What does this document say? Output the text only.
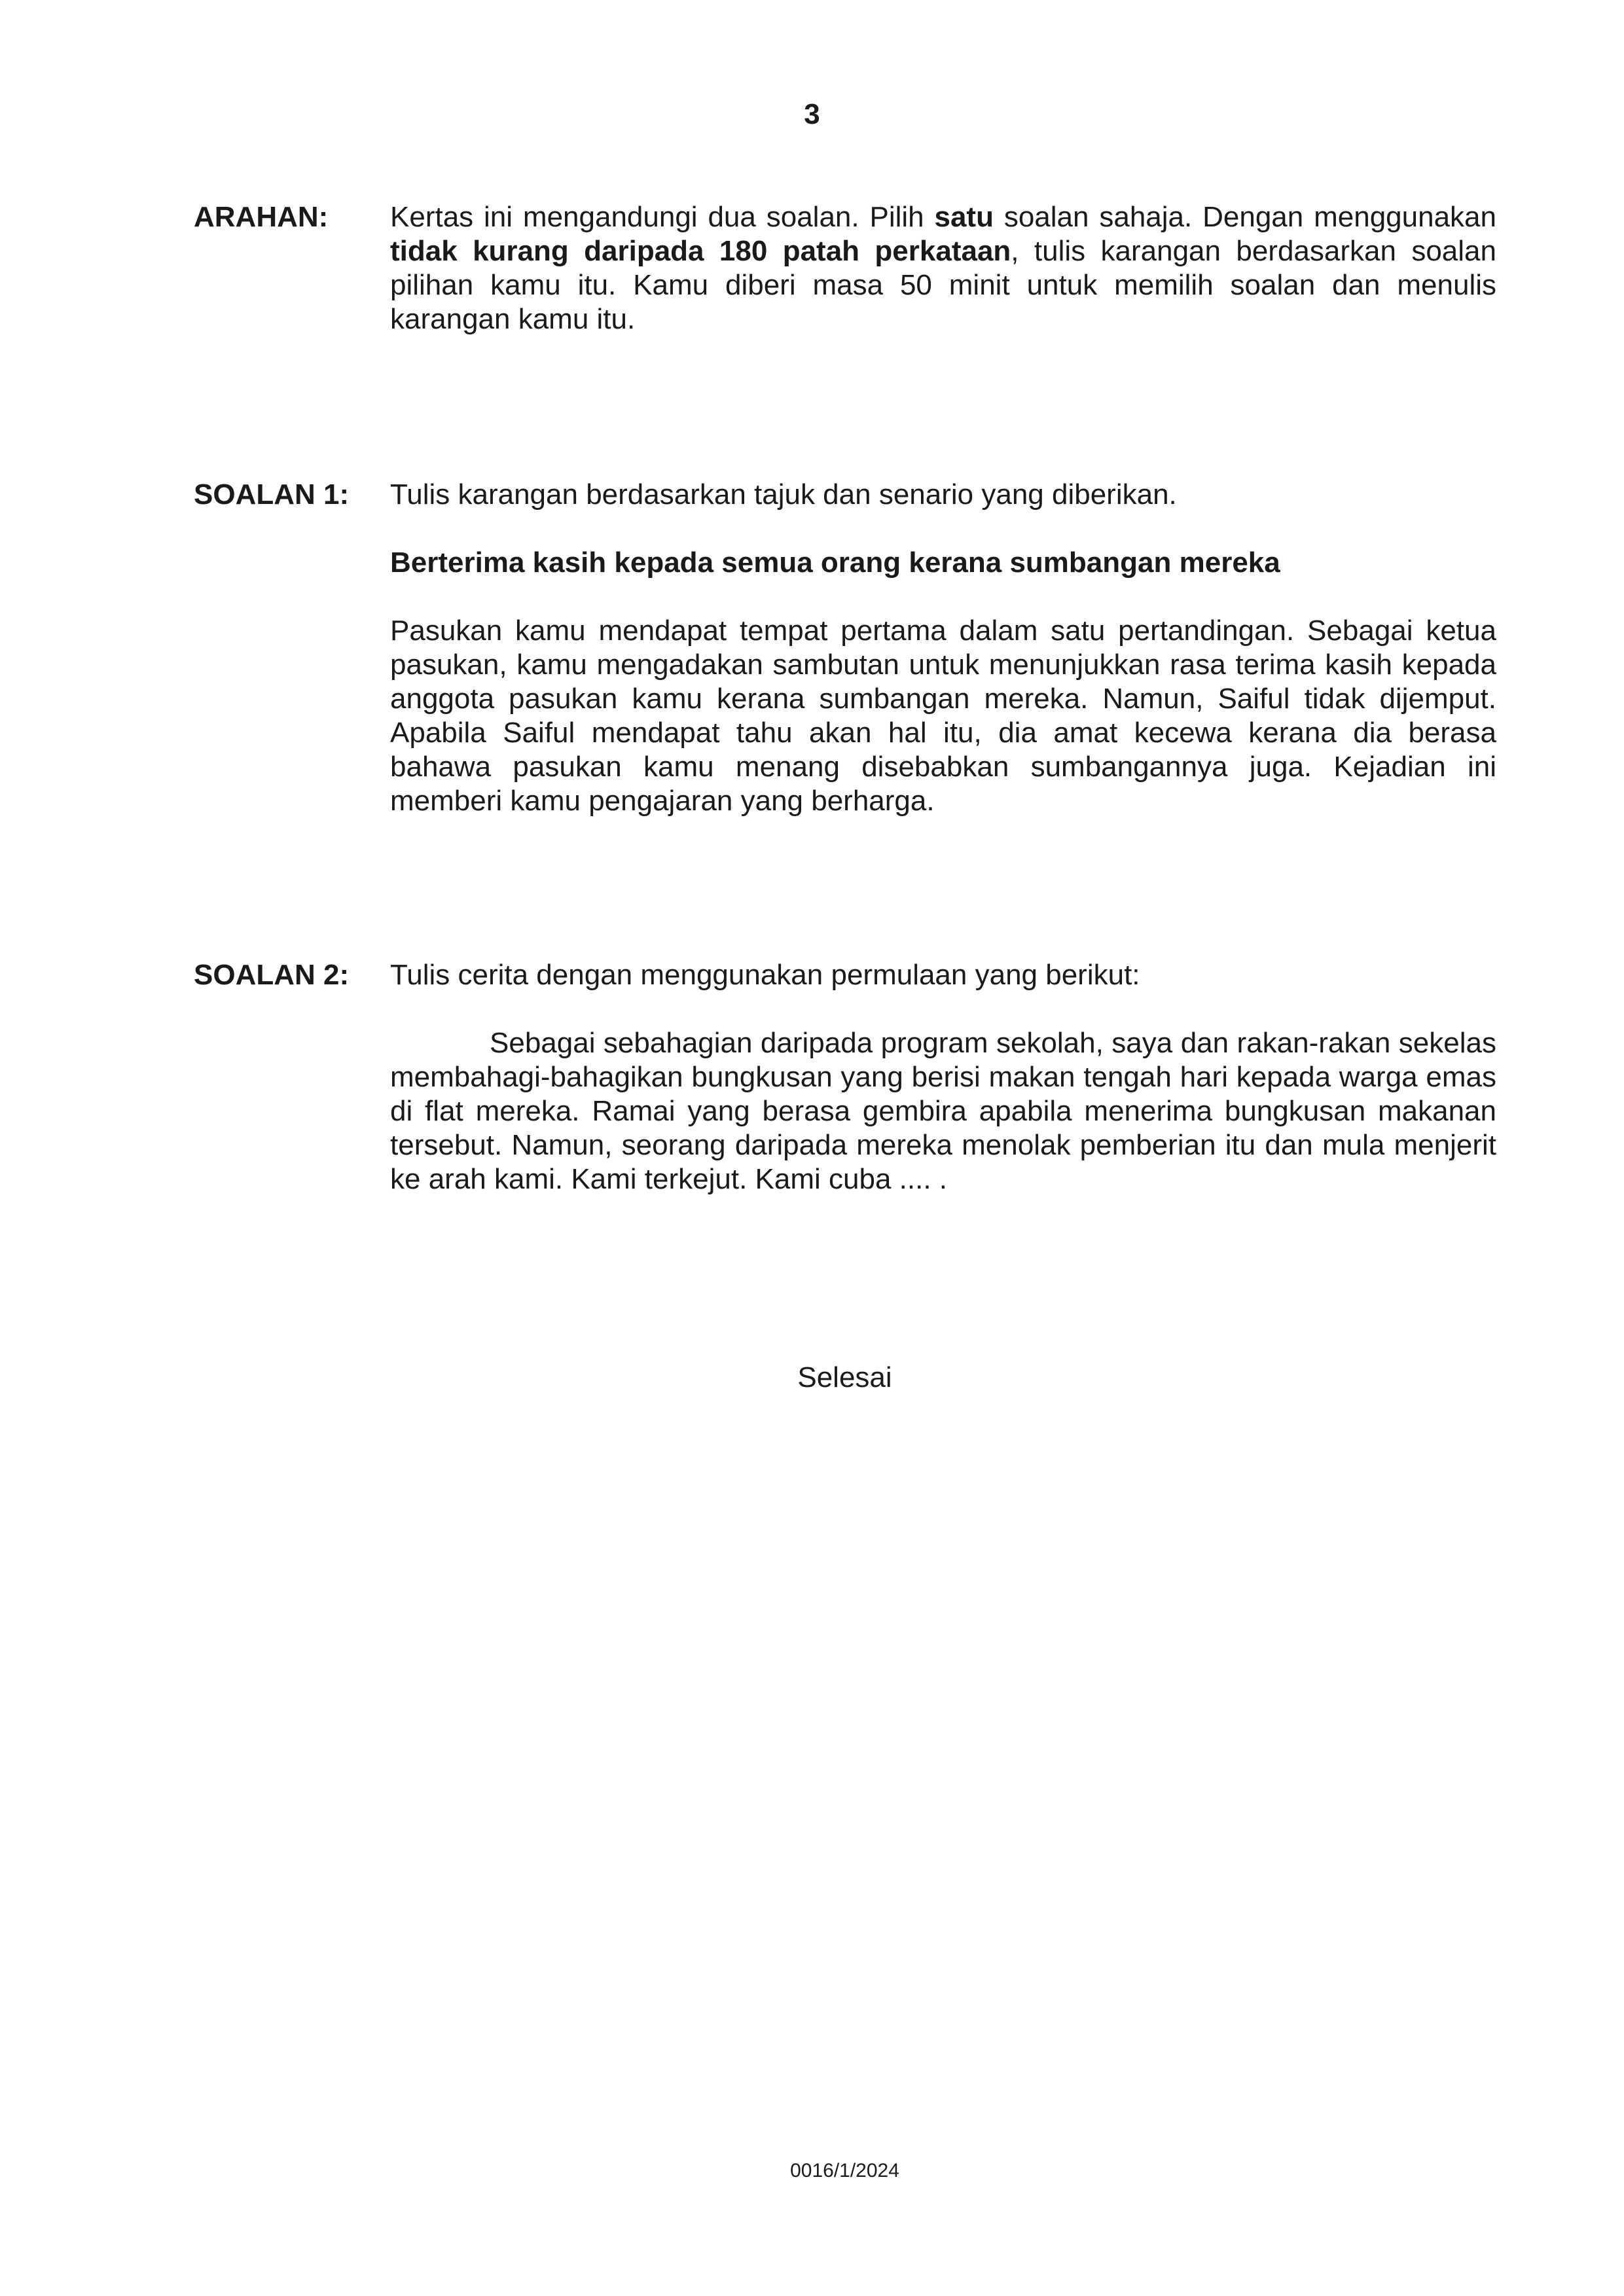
3
ARAHAN: Kertas ini mengandungi dua soalan. Pilih satu soalan sahaja. Dengan menggunakan tidak kurang daripada 180 patah perkataan, tulis karangan berdasarkan soalan pilihan kamu itu. Kamu diberi masa 50 minit untuk memilih soalan dan menulis karangan kamu itu.

SOALAN 1: Tulis karangan berdasarkan tajuk dan senario yang diberikan.

Berterima kasih kepada semua orang kerana sumbangan mereka

Pasukan kamu mendapat tempat pertama dalam satu pertandingan. Sebagai ketua pasukan, kamu mengadakan sambutan untuk menunjukkan rasa terima kasih kepada anggota pasukan kamu kerana sumbangan mereka. Namun, Saiful tidak dijemput. Apabila Saiful mendapat tahu akan hal itu, dia amat kecewa kerana dia berasa bahawa pasukan kamu menang disebabkan sumbangannya juga. Kejadian ini memberi kamu pengajaran yang berharga.

SOALAN 2: Tulis cerita dengan menggunakan permulaan yang berikut:

Sebagai sebahagian daripada program sekolah, saya dan rakan-rakan sekelas membahagi-bahagikan bungkusan yang berisi makan tengah hari kepada warga emas di flat mereka. Ramai yang berasa gembira apabila menerima bungkusan makanan tersebut. Namun, seorang daripada mereka menolak pemberian itu dan mula menjerit ke arah kami. Kami terkejut. Kami cuba .... .

Selesai
0016/1/2024
